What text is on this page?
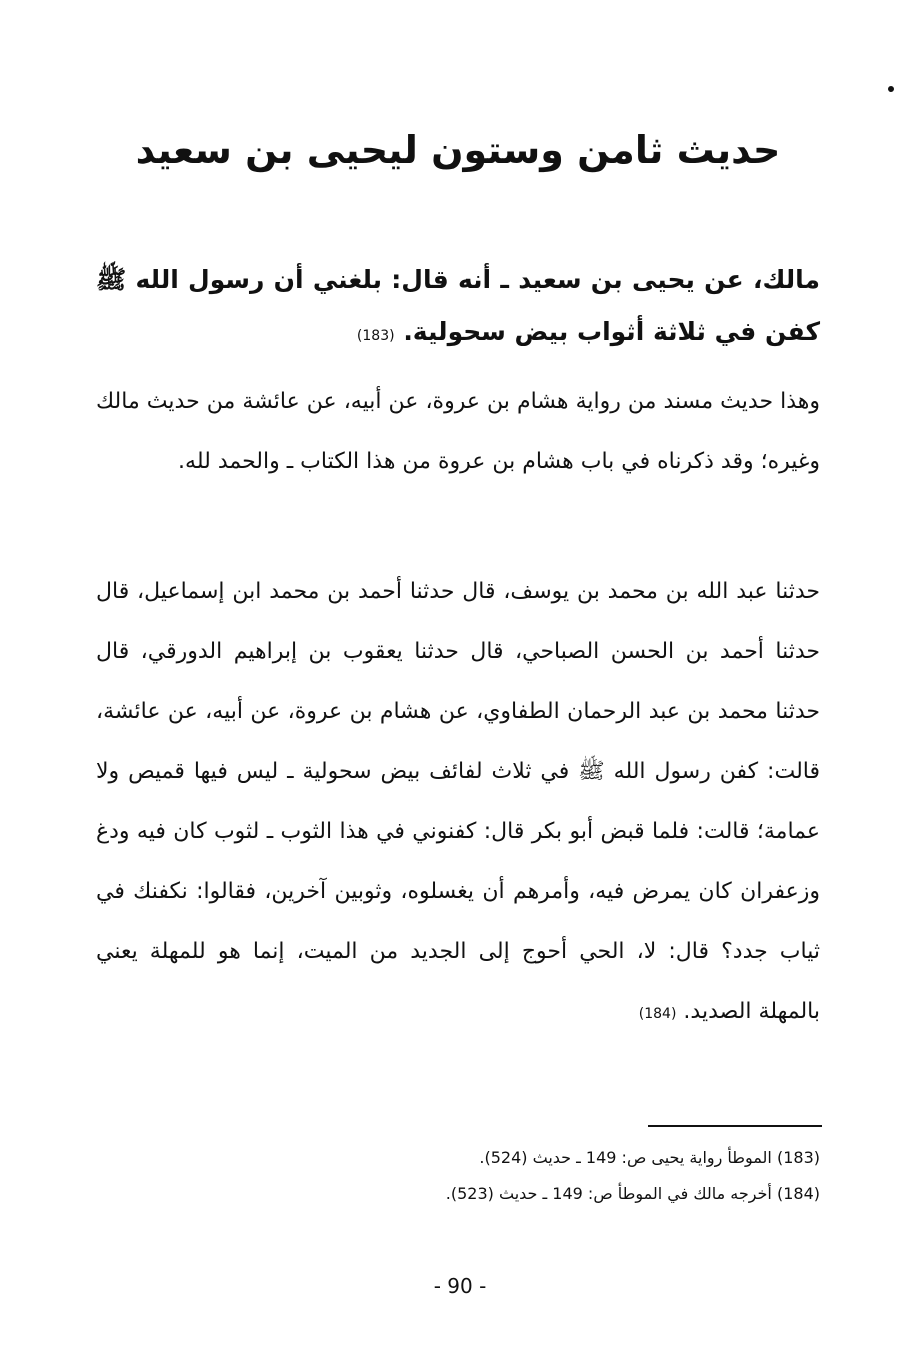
حديث ثامن وستون ليحيى بن سعيد

مالك، عن يحيى بن سعيد ـ أنه قال: بلغني أن رسول الله ﷺ كفن في ثلاثة أثواب بيض سحولية. (183)

وهذا حديث مسند من رواية هشام بن عروة، عن أبيه، عن عائشة من حديث مالك وغيره؛ وقد ذكرناه في باب هشام بن عروة من هذا الكتاب ـ والحمد لله.

حدثنا عبد الله بن محمد بن يوسف، قال حدثنا أحمد بن محمد ابن إسماعيل، قال حدثنا أحمد بن الحسن الصباحي، قال حدثنا يعقوب بن إبراهيم الدورقي، قال حدثنا محمد بن عبد الرحمان الطفاوي، عن هشام بن عروة، عن أبيه، عن عائشة، قالت: كفن رسول الله ﷺ في ثلاث لفائف بيض سحولية ـ ليس فيها قميص ولا عمامة؛ قالت: فلما قبض أبو بكر قال: كفنوني في هذا الثوب ـ لثوب كان فيه ودغ وزعفران كان يمرض فيه، وأمرهم أن يغسلوه، وثوبين آخرين، فقالوا: نكفنك في ثياب جدد؟ قال: لا، الحي أحوج إلى الجديد من الميت، إنما هو للمهلة يعني بالمهلة الصديد. (184)

(183) الموطأ رواية يحيى ص: 149 ـ حديث (524).

(184) أخرجه مالك في الموطأ ص: 149 ـ حديث (523).

- 90 -
